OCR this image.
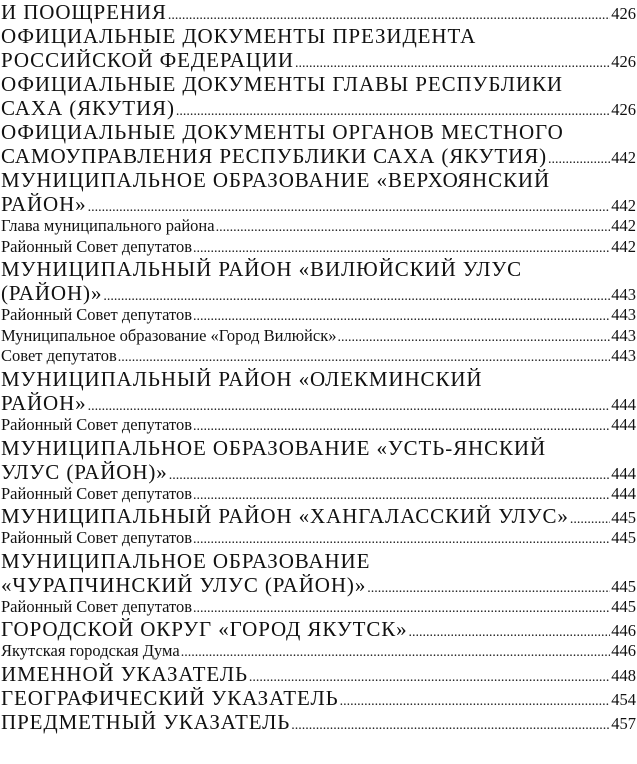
И ПООЩРЕНИЯ .....	426
ОФИЦИАЛЬНЫЕ ДОКУМЕНТЫ ПРЕЗИДЕНТА
РОССИЙСКОЙ ФЕДЕРАЦИИ .....	426
ОФИЦИАЛЬНЫЕ ДОКУМЕНТЫ ГЛАВЫ РЕСПУБЛИКИ
САХА (ЯКУТИЯ) .....	426
ОФИЦИАЛЬНЫЕ ДОКУМЕНТЫ ОРГАНОВ МЕСТНОГО
САМОУПРАВЛЕНИЯ РЕСПУБЛИКИ САХА (ЯКУТИЯ) .....	442
МУНИЦИПАЛЬНОЕ ОБРАЗОВАНИЕ «ВЕРХОЯНСКИЙ
РАЙОН» .....	442
Глава муниципального района .....	442
Районный Совет депутатов .....	442
МУНИЦИПАЛЬНЫЙ РАЙОН «ВИЛЮЙСКИЙ УЛУС
(РАЙОН)» .....	443
Районный Совет депутатов .....	443
Муниципальное образование «Город Вилюйск» .....	443
Совет депутатов .....	443
МУНИЦИПАЛЬНЫЙ РАЙОН «ОЛЕКМИНСКИЙ
РАЙОН» .....	444
Районный Совет депутатов .....	444
МУНИЦИПАЛЬНОЕ ОБРАЗОВАНИЕ «УСТЬ-ЯНСКИЙ
УЛУС (РАЙОН)» .....	444
Районный Совет депутатов .....	444
МУНИЦИПАЛЬНЫЙ РАЙОН «ХАНГАЛАССКИЙ УЛУС» .....	445
Районный Совет депутатов .....	445
МУНИЦИПАЛЬНОЕ ОБРАЗОВАНИЕ
«ЧУРАПЧИНСКИЙ УЛУС (РАЙОН)» .....	445
Районный Совет депутатов .....	445
ГОРОДСКОЙ ОКРУГ «ГОРОД ЯКУТСК» .....	446
Якутская городская Дума .....	446
ИМЕННОЙ УКАЗАТЕЛЬ .....	448
ГЕОГРАФИЧЕСКИЙ УКАЗАТЕЛЬ .....	454
ПРЕДМЕТНЫЙ УКАЗАТЕЛЬ .....	457
